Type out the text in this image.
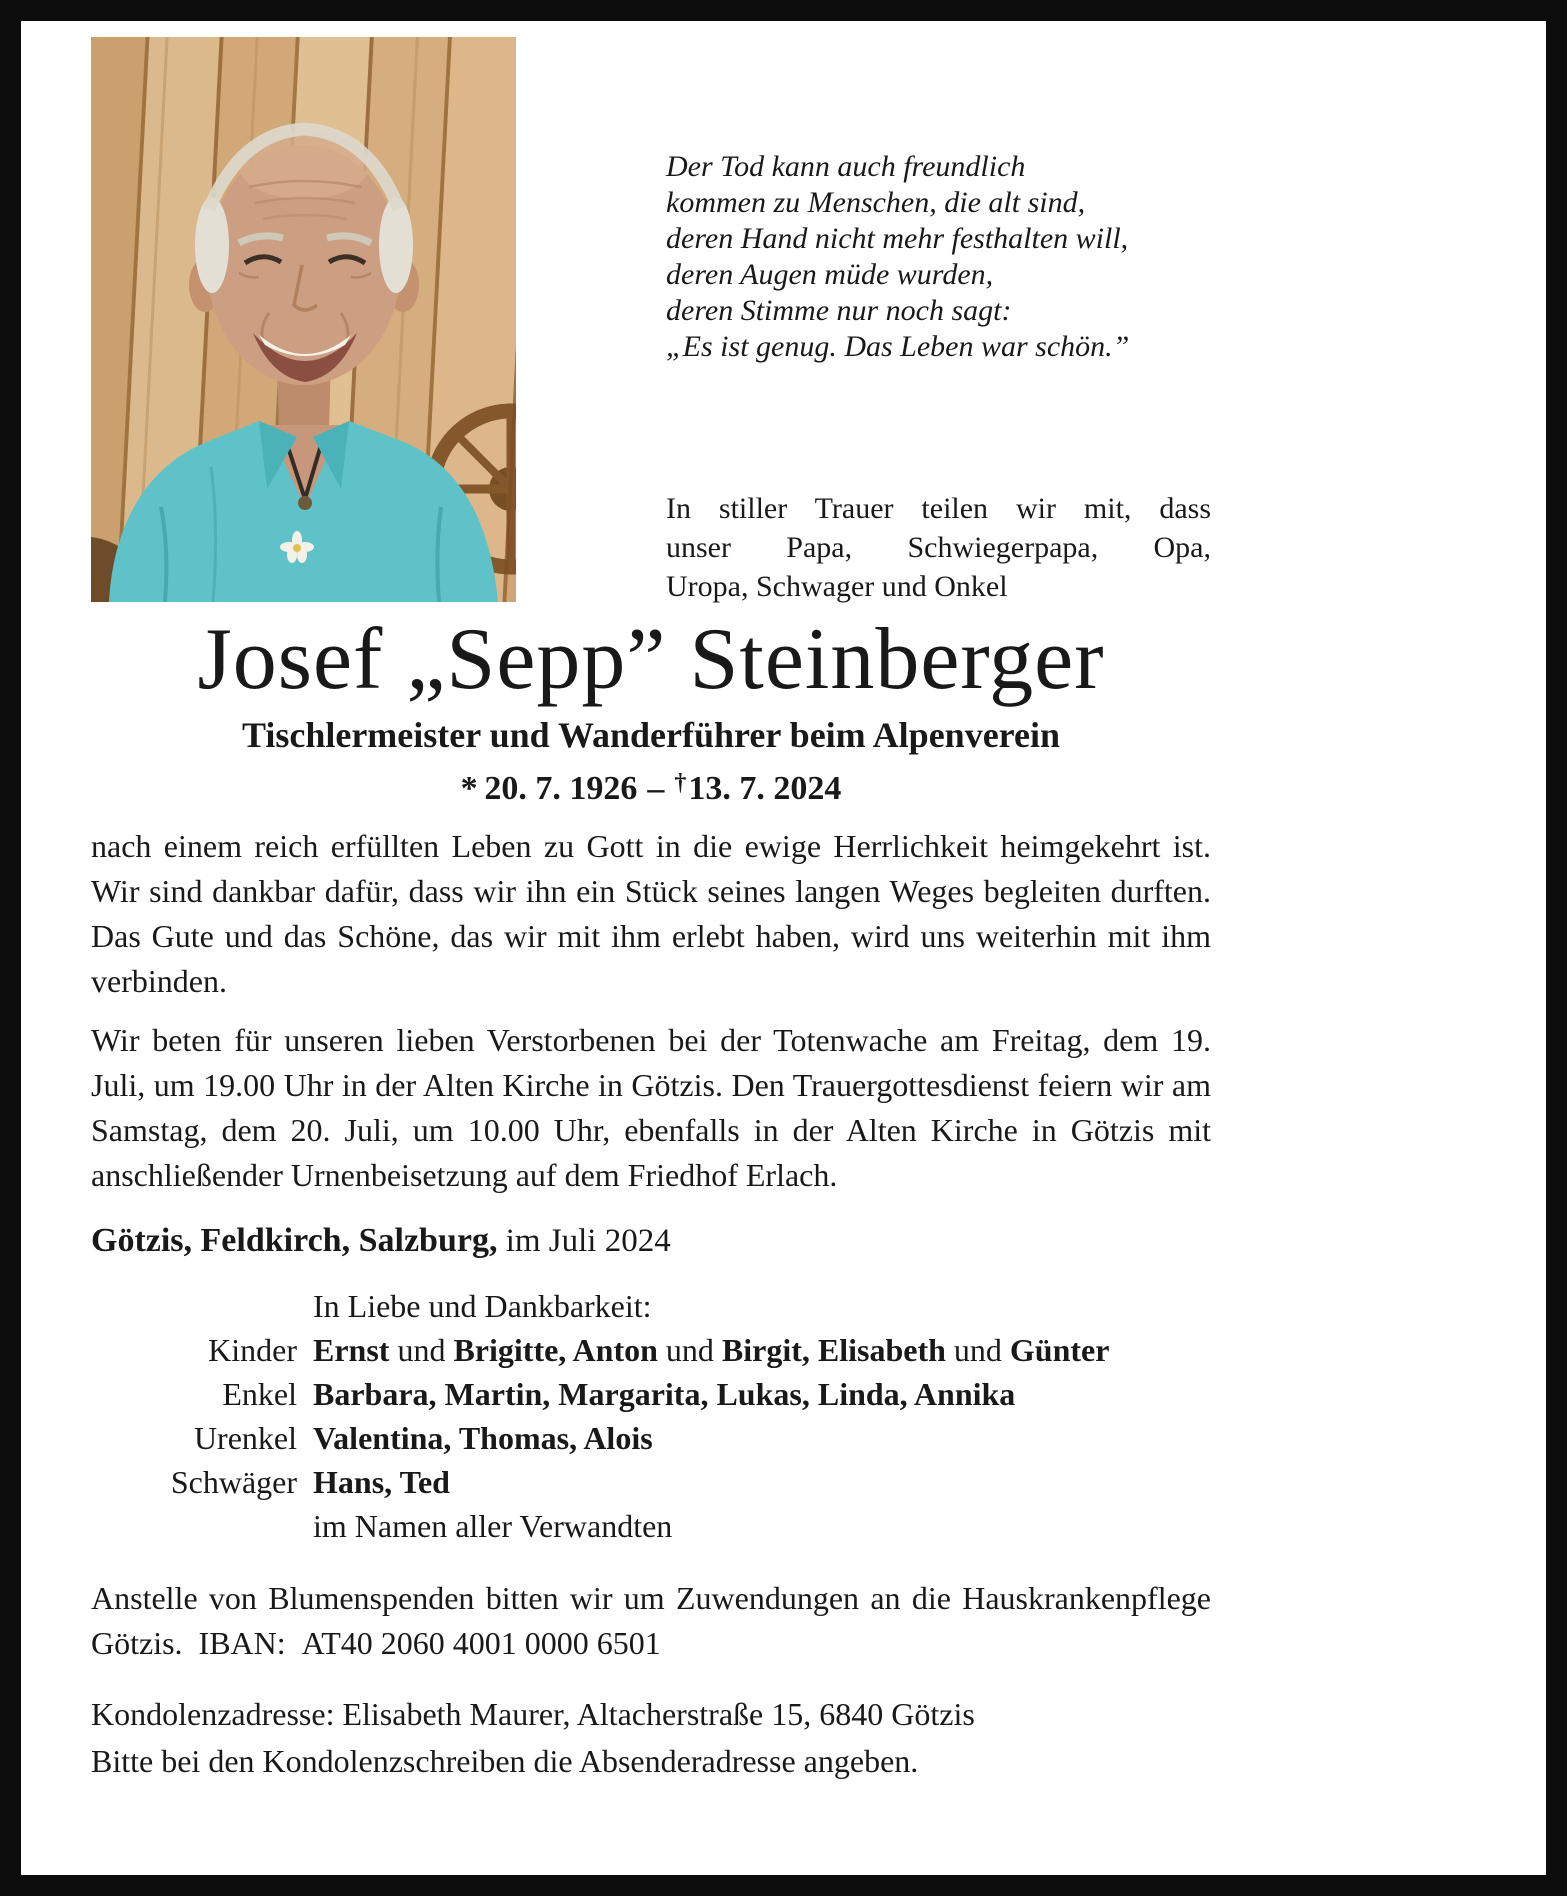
Der Tod kann auch freundlich
kommen zu Menschen, die alt sind,
deren Hand nicht mehr festhalten will,
deren Augen müde wurden,
deren Stimme nur noch sagt:
„Es ist genug. Das Leben war schön.”
In stiller Trauer teilen wir mit, dass
unser Papa, Schwiegerpapa, Opa,
Uropa, Schwager und Onkel
Josef „Sepp” Steinberger
Tischlermeister und Wanderführer beim Alpenverein
* 20. 7. 1926 – †13. 7. 2024
nach einem reich erfüllten Leben zu Gott in die ewige Herrlichkeit heimgekehrt ist. Wir sind dankbar dafür, dass wir ihn ein Stück seines langen Weges begleiten durften. Das Gute und das Schöne, das wir mit ihm erlebt haben, wird uns weiterhin mit ihm verbinden.
Wir beten für unseren lieben Verstorbenen bei der Totenwache am Freitag, dem 19. Juli, um 19.00 Uhr in der Alten Kirche in Götzis. Den Trauergottesdienst feiern wir am Samstag, dem 20. Juli, um 10.00 Uhr, ebenfalls in der Alten Kirche in Götzis mit anschließender Urnenbeisetzung auf dem Friedhof Erlach.
Götzis, Feldkirch, Salzburg, im Juli 2024
In Liebe und Dankbarkeit:
Kinder Ernst und Brigitte, Anton und Birgit, Elisabeth und Günter
Enkel Barbara, Martin, Margarita, Lukas, Linda, Annika
Urenkel Valentina, Thomas, Alois
Schwäger Hans, Ted
im Namen aller Verwandten
Anstelle von Blumenspenden bitten wir um Zuwendungen an die Hauskrankenpflege Götzis. IBAN: AT40 2060 4001 0000 6501
Kondolenzadresse: Elisabeth Maurer, Altacherstraße 15, 6840 Götzis
Bitte bei den Kondolenzschreiben die Absenderadresse angeben.
